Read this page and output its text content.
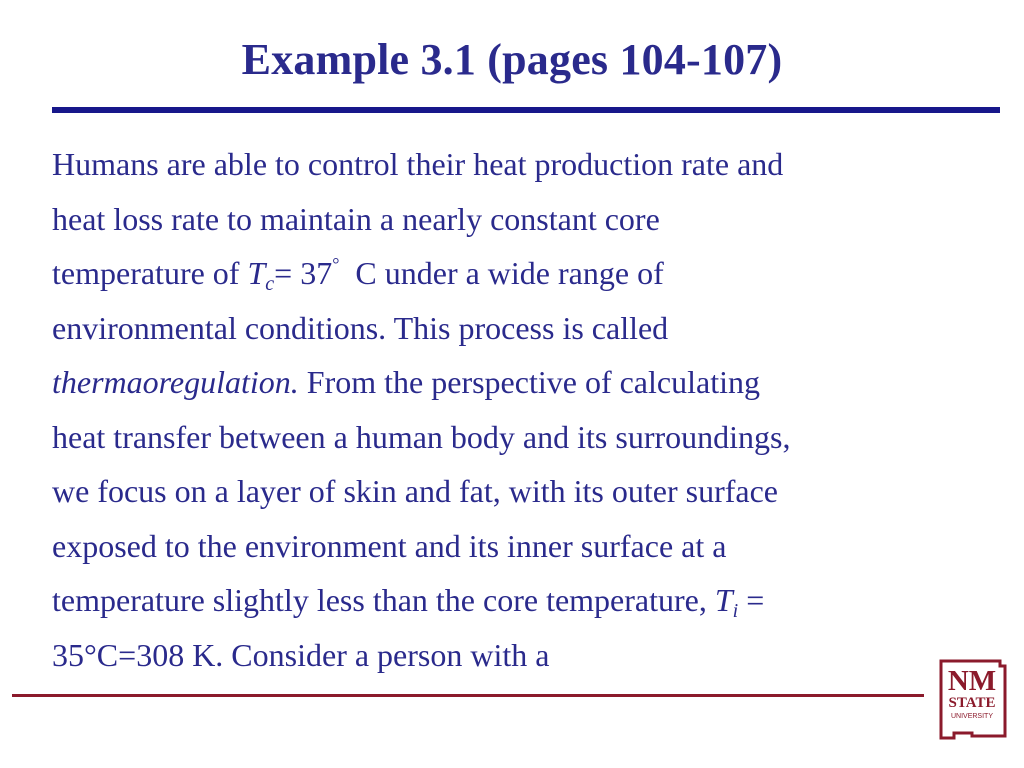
Example 3.1 (pages 104-107)
Humans are able to control their heat production rate and
heat loss rate to maintain a nearly constant core
temperature of $T_c= 37^\circ$  C under a wide range of
environmental conditions. This process is called
thermaoregulation. From the perspective of calculating
heat transfer between a human body and its surroundings,
we focus on a layer of skin and fat, with its outer surface
exposed to the environment and its inner surface at a
temperature slightly less than the core temperature, $T_i$ =
35°C=308 K. Consider a person with a
NM
STATE
UNIVERSITY
